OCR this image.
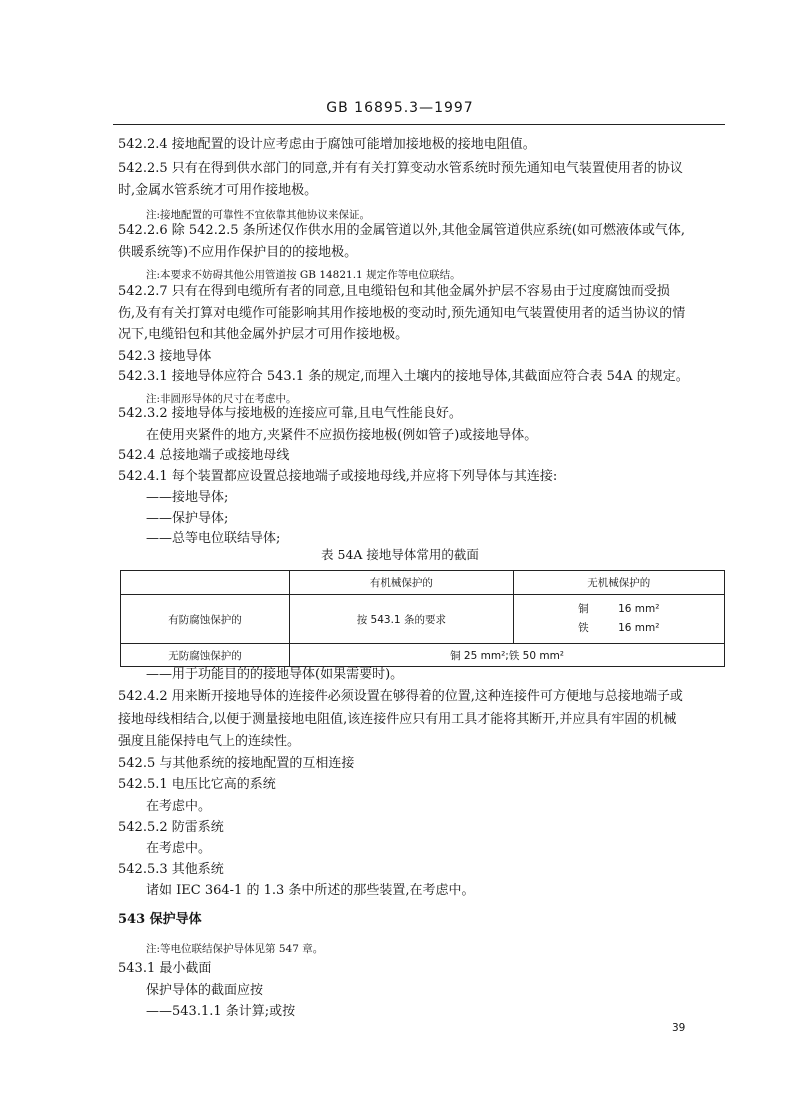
GB 16895.3—1997
542.2.4 接地配置的设计应考虑由于腐蚀可能增加接地极的接地电阻值。
542.2.5 只有在得到供水部门的同意,并有有关打算变动水管系统时预先通知电气装置使用者的协议
时,金属水管系统才可用作接地极。
注:接地配置的可靠性不宜依靠其他协议来保证。
542.2.6 除 542.2.5 条所述仅作供水用的金属管道以外,其他金属管道供应系统(如可燃液体或气体,
供暖系统等)不应用作保护目的的接地极。
注:本要求不妨碍其他公用管道按 GB 14821.1 规定作等电位联结。
542.2.7 只有在得到电缆所有者的同意,且电缆铅包和其他金属外护层不容易由于过度腐蚀而受损
伤,及有有关打算对电缆作可能影响其用作接地极的变动时,预先通知电气装置使用者的适当协议的情
况下,电缆铅包和其他金属外护层才可用作接地极。
542.3 接地导体
542.3.1 接地导体应符合 543.1 条的规定,而埋入土壤内的接地导体,其截面应符合表 54A 的规定。
注:非圆形导体的尺寸在考虑中。
542.3.2 接地导体与接地极的连接应可靠,且电气性能良好。
在使用夹紧件的地方,夹紧件不应损伤接地极(例如管子)或接地导体。
542.4 总接地端子或接地母线
542.4.1 每个装置都应设置总接地端子或接地母线,并应将下列导体与其连接:
——接地导体;
——保护导体;
——总等电位联结导体;
表 54A 接地导体常用的截面
	有机械保护的	无机械保护的
有防腐蚀保护的	按 543.1 条的要求	铜 16 mm²
铁 16 mm²

无防腐蚀保护的	铜 25 mm²;铁 50 mm²	
——用于功能目的的接地导体(如果需要时)。
542.4.2 用来断开接地导体的连接件必须设置在够得着的位置,这种连接件可方便地与总接地端子或
接地母线相结合,以便于测量接地电阻值,该连接件应只有用工具才能将其断开,并应具有牢固的机械
强度且能保持电气上的连续性。
542.5 与其他系统的接地配置的互相连接
542.5.1 电压比它高的系统
在考虑中。
542.5.2 防雷系统
在考虑中。
542.5.3 其他系统
诸如 IEC 364-1 的 1.3 条中所述的那些装置,在考虑中。
543 保护导体
注:等电位联结保护导体见第 547 章。
543.1 最小截面
保护导体的截面应按
——543.1.1 条计算;或按
39
